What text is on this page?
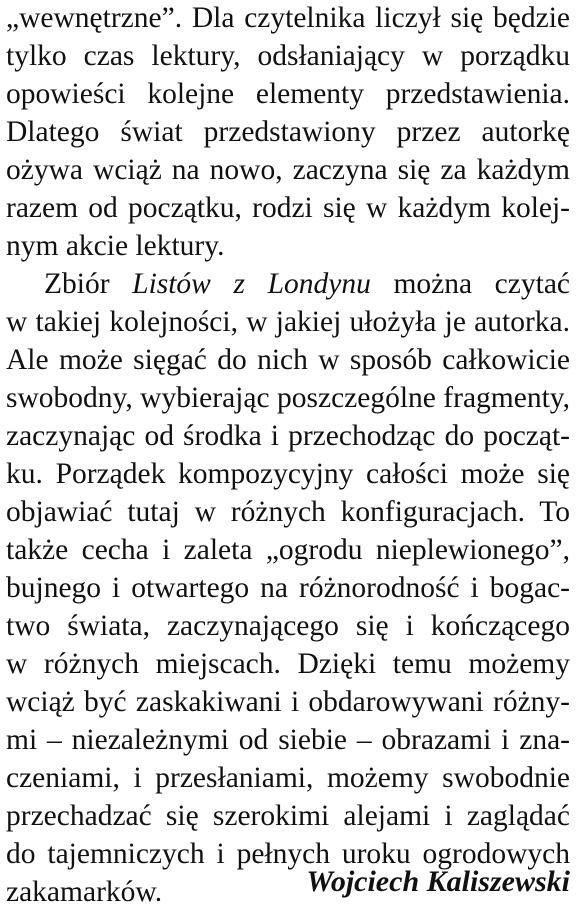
„wewnętrzne”. Dla czytelnika liczył się będzie
tylko czas lektury, odsłaniający w porządku
opowieści kolejne elementy przedstawienia.
Dlatego świat przedstawiony przez autorkę
ożywa wciąż na nowo, zaczyna się za każdym
razem od początku, rodzi się w każdym kolej-
nym akcie lektury.
Zbiór Listów z Londynu można czytać
w takiej kolejności, w jakiej ułożyła je autorka.
Ale może sięgać do nich w sposób całkowicie
swobodny, wybierając poszczególne fragmenty,
zaczynając od środka i przechodząc do począt-
ku. Porządek kompozycyjny całości może się
objawiać tutaj w różnych konfiguracjach. To
także cecha i zaleta „ogrodu nieplewionego”,
bujnego i otwartego na różnorodność i bogac-
two świata, zaczynającego się i kończącego
w różnych miejscach. Dzięki temu możemy
wciąż być zaskakiwani i obdarowywani różny-
mi – niezależnymi od siebie – obrazami i zna-
czeniami, i przesłaniami, możemy swobodnie
przechadzać się szerokimi alejami i zaglądać
do tajemniczych i pełnych uroku ogrodowych
zakamarków.	Wojciech Kaliszewski
